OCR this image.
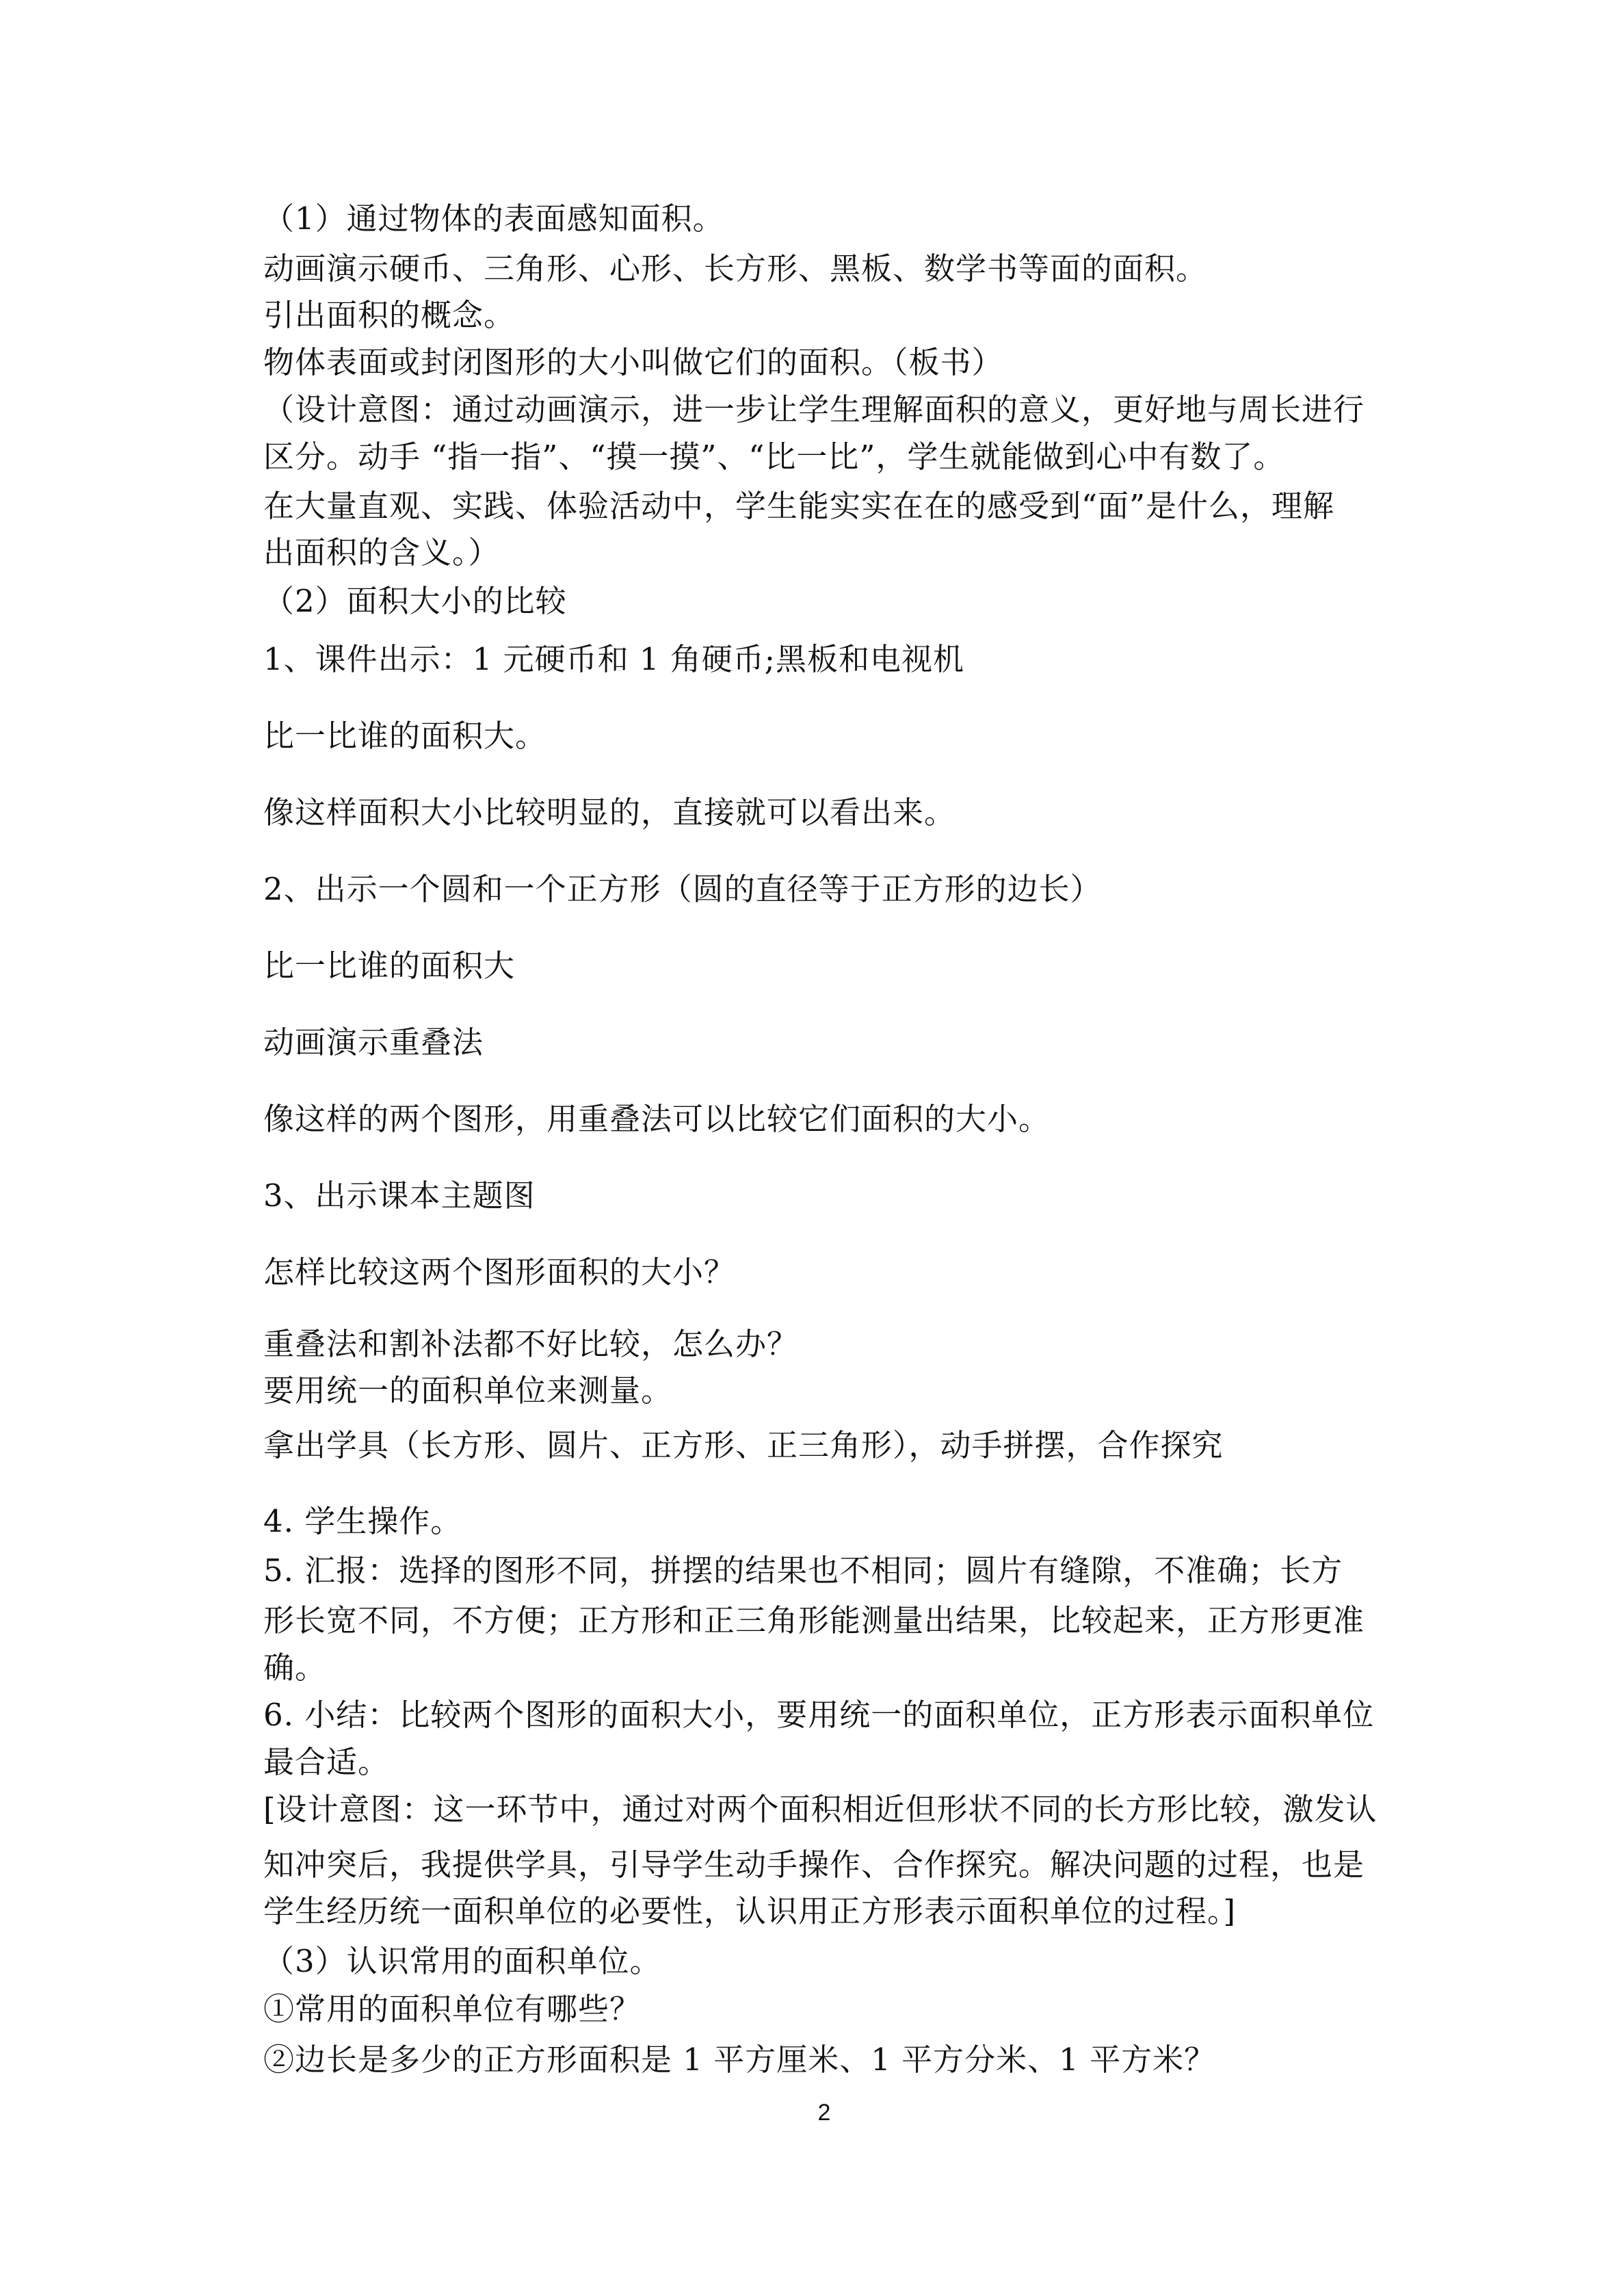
（1）通过物体的表面感知面积。
动画演示硬币、三角形、心形、长方形、黑板、数学书等面的面积。
引出面积的概念。
物体表面或封闭图形的大小叫做它们的面积。（板书）
（设计意图：通过动画演示，进一步让学生理解面积的意义，更好地与周长进行
区分。动手 “指一指”、“摸一摸”、“比一比”，学生就能做到心中有数了。
在大量直观、实践、体验活动中，学生能实实在在的感受到“面”是什么，理解
出面积的含义。）
（2）面积大小的比较
1、课件出示：1 元硬币和 1 角硬币;黑板和电视机
比一比谁的面积大。
像这样面积大小比较明显的，直接就可以看出来。
2、出示一个圆和一个正方形（圆的直径等于正方形的边长）
比一比谁的面积大
动画演示重叠法
像这样的两个图形，用重叠法可以比较它们面积的大小。
3、出示课本主题图
怎样比较这两个图形面积的大小？
重叠法和割补法都不好比较，怎么办？
要用统一的面积单位来测量。
拿出学具（长方形、圆片、正方形、正三角形），动手拼摆，合作探究
4. 学生操作。
5. 汇报：选择的图形不同，拼摆的结果也不相同；圆片有缝隙，不准确；长方
形长宽不同，不方便；正方形和正三角形能测量出结果，比较起来，正方形更准
确。
6. 小结：比较两个图形的面积大小，要用统一的面积单位，正方形表示面积单位
最合适。
[设计意图：这一环节中，通过对两个面积相近但形状不同的长方形比较，激发认
知冲突后，我提供学具，引导学生动手操作、合作探究。解决问题的过程，也是
学生经历统一面积单位的必要性，认识用正方形表示面积单位的过程。]
（3）认识常用的面积单位。
①常用的面积单位有哪些？
②边长是多少的正方形面积是 1 平方厘米、1 平方分米、1 平方米？
2
